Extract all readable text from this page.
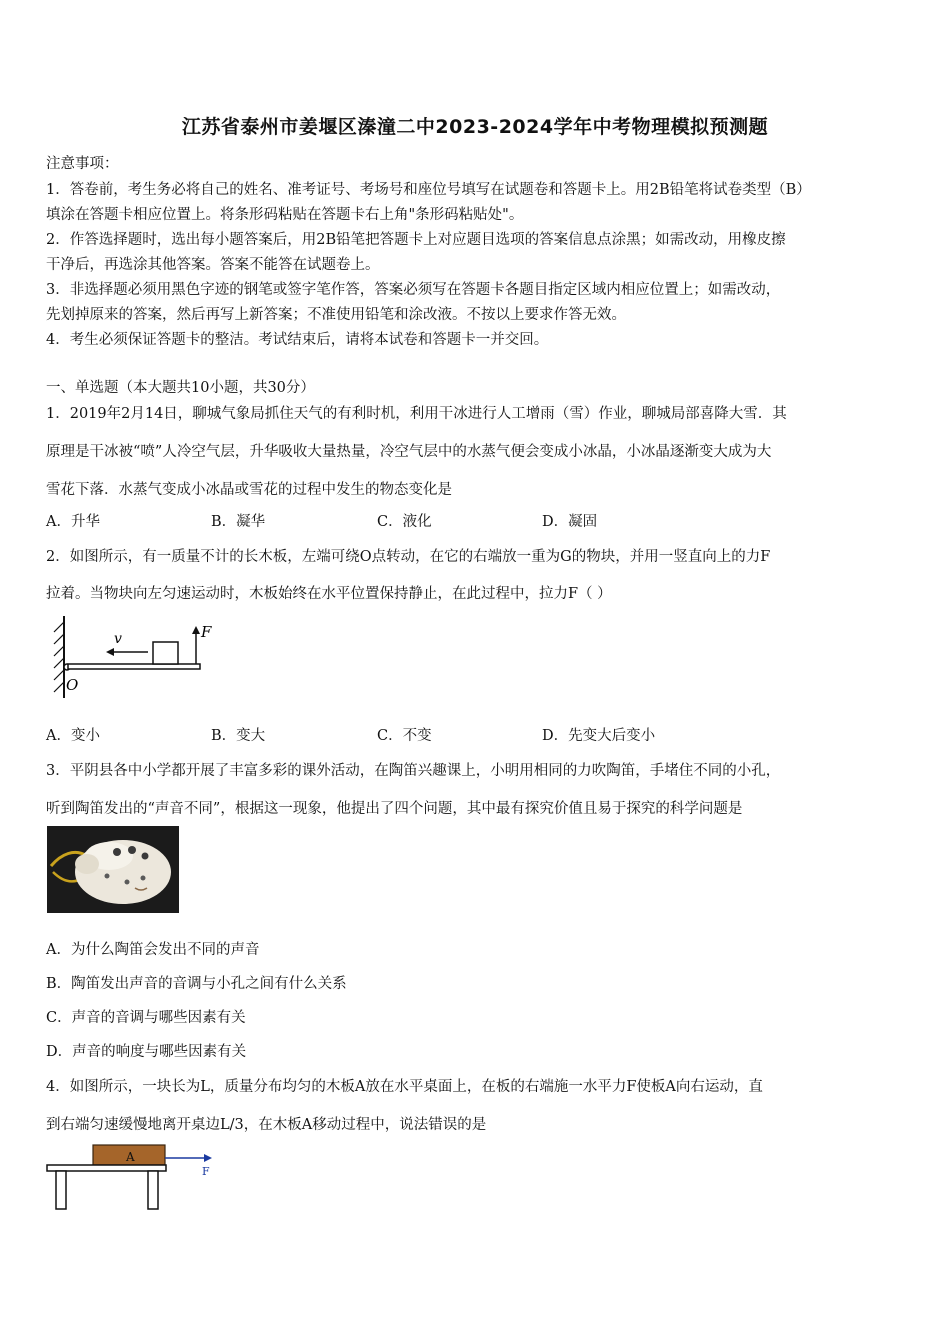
江苏省泰州市姜堰区溱潼二中2023-2024学年中考物理模拟预测题
注意事项：
1．答卷前，考生务必将自己的姓名、准考证号、考场号和座位号填写在试题卷和答题卡上。用2B铅笔将试卷类型（B）
填涂在答题卡相应位置上。将条形码粘贴在答题卡右上角"条形码粘贴处"。
2．作答选择题时，选出每小题答案后，用2B铅笔把答题卡上对应题目选项的答案信息点涂黑；如需改动，用橡皮擦
干净后，再选涂其他答案。答案不能答在试题卷上。
3．非选择题必须用黑色字迹的钢笔或签字笔作答，答案必须写在答题卡各题目指定区域内相应位置上；如需改动，
先划掉原来的答案，然后再写上新答案；不准使用铅笔和涂改液。不按以上要求作答无效。
4．考生必须保证答题卡的整洁。考试结束后，请将本试卷和答题卡一并交回。
一、单选题（本大题共10小题，共30分）
1．2019年2月14日，聊城气象局抓住天气的有利时机，利用干冰进行人工增雨（雪）作业，聊城局部喜降大雪．其
原理是干冰被“喷”人冷空气层，升华吸收大量热量，冷空气层中的水蒸气便会变成小冰晶，小冰晶逐渐变大成为大
雪花下落．水蒸气变成小冰晶或雪花的过程中发生的物态变化是
A．升华	B．凝华	C．液化	D．凝固
2．如图所示，有一质量不计的长木板，左端可绕O点转动，在它的右端放一重为G的物块，并用一竖直向上的力F
拉着。当物块向左匀速运动时，木板始终在水平位置保持静止，在此过程中，拉力F（ ）
v	F
O
A．变小	B．变大	C．不变	D．先变大后变小
3．平阴县各中小学都开展了丰富多彩的课外活动，在陶笛兴趣课上，小明用相同的力吹陶笛，手堵住不同的小孔，
听到陶笛发出的“声音不同”，根据这一现象，他提出了四个问题，其中最有探究价值且易于探究的科学问题是
A．为什么陶笛会发出不同的声音
B．陶笛发出声音的音调与小孔之间有什么关系
C．声音的音调与哪些因素有关
D．声音的响度与哪些因素有关
4．如图所示，一块长为L，质量分布均匀的木板A放在水平桌面上，在板的右端施一水平力F使板A向右运动，直
到右端匀速缓慢地离开桌边L/3，在木板A移动过程中，说法错误的是
A
F
